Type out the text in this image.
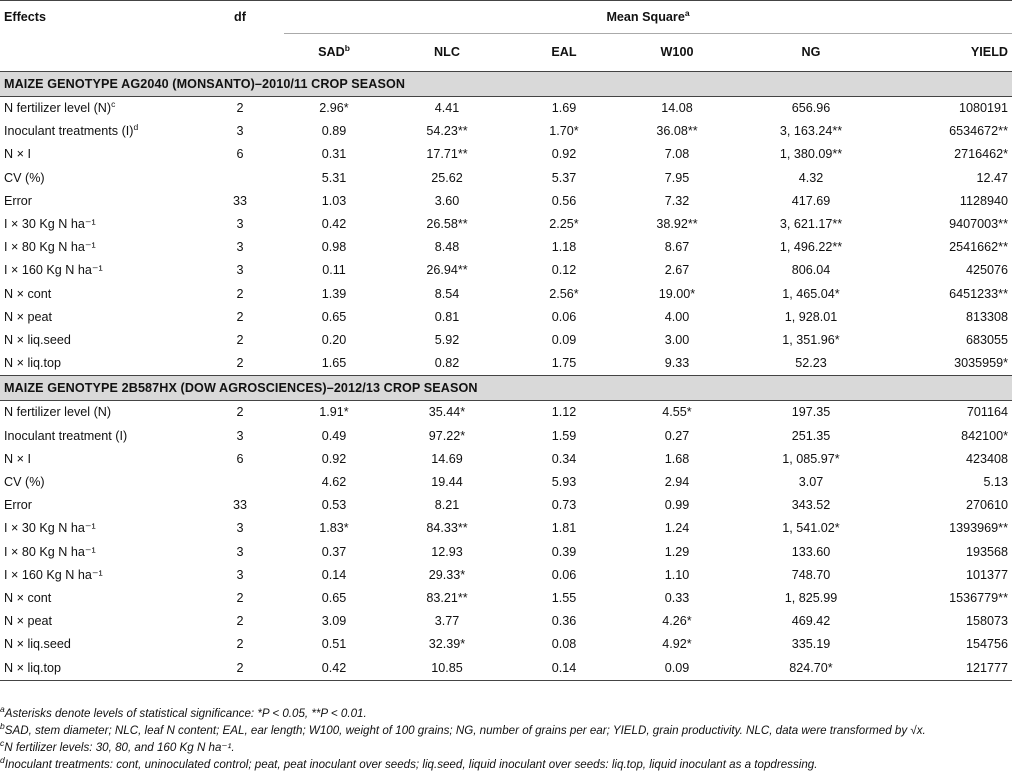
Effects	df	Mean Square$^a$
		SAD$^b$	NLC	EAL	W100	NG	YIELD
MAIZE GENOTYPE AG2040 (MONSANTO)–2010/11 CROP SEASON							
N fertilizer level $(N)^c$	2	2.96*	4.41	1.69	14.08	656.96	1080191
Inoculant treatments $(I)^d$	3	0.89	54.23**	1.70*	36.08**	3, 163.24**	6534672**
N × I	6	0.31	17.71**	0.92	7.08	1, 380.09**	2716462*
CV (%)		5.31	25.62	5.37	7.95	4.32	12.47
Error	33	1.03	3.60	0.56	7.32	417.69	1128940
I × 30 Kg N ha⁻¹	3	0.42	26.58**	2.25*	38.92**	3, 621.17**	9407003**
I × 80 Kg N ha⁻¹	3	0.98	8.48	1.18	8.67	1, 496.22**	2541662**
I × 160 Kg N ha⁻¹	3	0.11	26.94**	0.12	2.67	806.04	425076
N × cont	2	1.39	8.54	2.56*	19.00*	1, 465.04*	6451233**
N × peat	2	0.65	0.81	0.06	4.00	1, 928.01	813308
N × liq.seed	2	0.20	5.92	0.09	3.00	1, 351.96*	683055
N × liq.top	2	1.65	0.82	1.75	9.33	52.23	3035959*
MAIZE GENOTYPE 2B587HX (DOW AGROSCIENCES)–2012/13 CROP SEASON							
N fertilizer level (N)	2	1.91*	35.44*	1.12	4.55*	197.35	701164
Inoculant treatment (I)	3	0.49	97.22*	1.59	0.27	251.35	842100*
N × I	6	0.92	14.69	0.34	1.68	1, 085.97*	423408
CV (%)		4.62	19.44	5.93	2.94	3.07	5.13
Error	33	0.53	8.21	0.73	0.99	343.52	270610
I × 30 Kg N ha⁻¹	3	1.83*	84.33**	1.81	1.24	1, 541.02*	1393969**
I × 80 Kg N ha⁻¹	3	0.37	12.93	0.39	1.29	133.60	193568
I × 160 Kg N ha⁻¹	3	0.14	29.33*	0.06	1.10	748.70	101377
N × cont	2	0.65	83.21**	1.55	0.33	1, 825.99	1536779**
N × peat	2	3.09	3.77	0.36	4.26*	469.42	158073
N × liq.seed	2	0.51	32.39*	0.08	4.92*	335.19	154756
N × liq.top	2	0.42	10.85	0.14	0.09	824.70*	121777
$^a$Asterisks denote levels of statistical significance: *P < 0.05, **P < 0.01.
$^b$SAD, stem diameter; NLC, leaf N content; EAL, ear length; W100, weight of 100 grains; NG, number of grains per ear; YIELD, grain productivity. NLC, data were transformed by √x.
$^c$N fertilizer levels: 30, 80, and 160 Kg N ha⁻¹.
$^d$Inoculant treatments: cont, uninoculated control; peat, peat inoculant over seeds; liq.seed, liquid inoculant over seeds: liq.top, liquid inoculant as a topdressing.
